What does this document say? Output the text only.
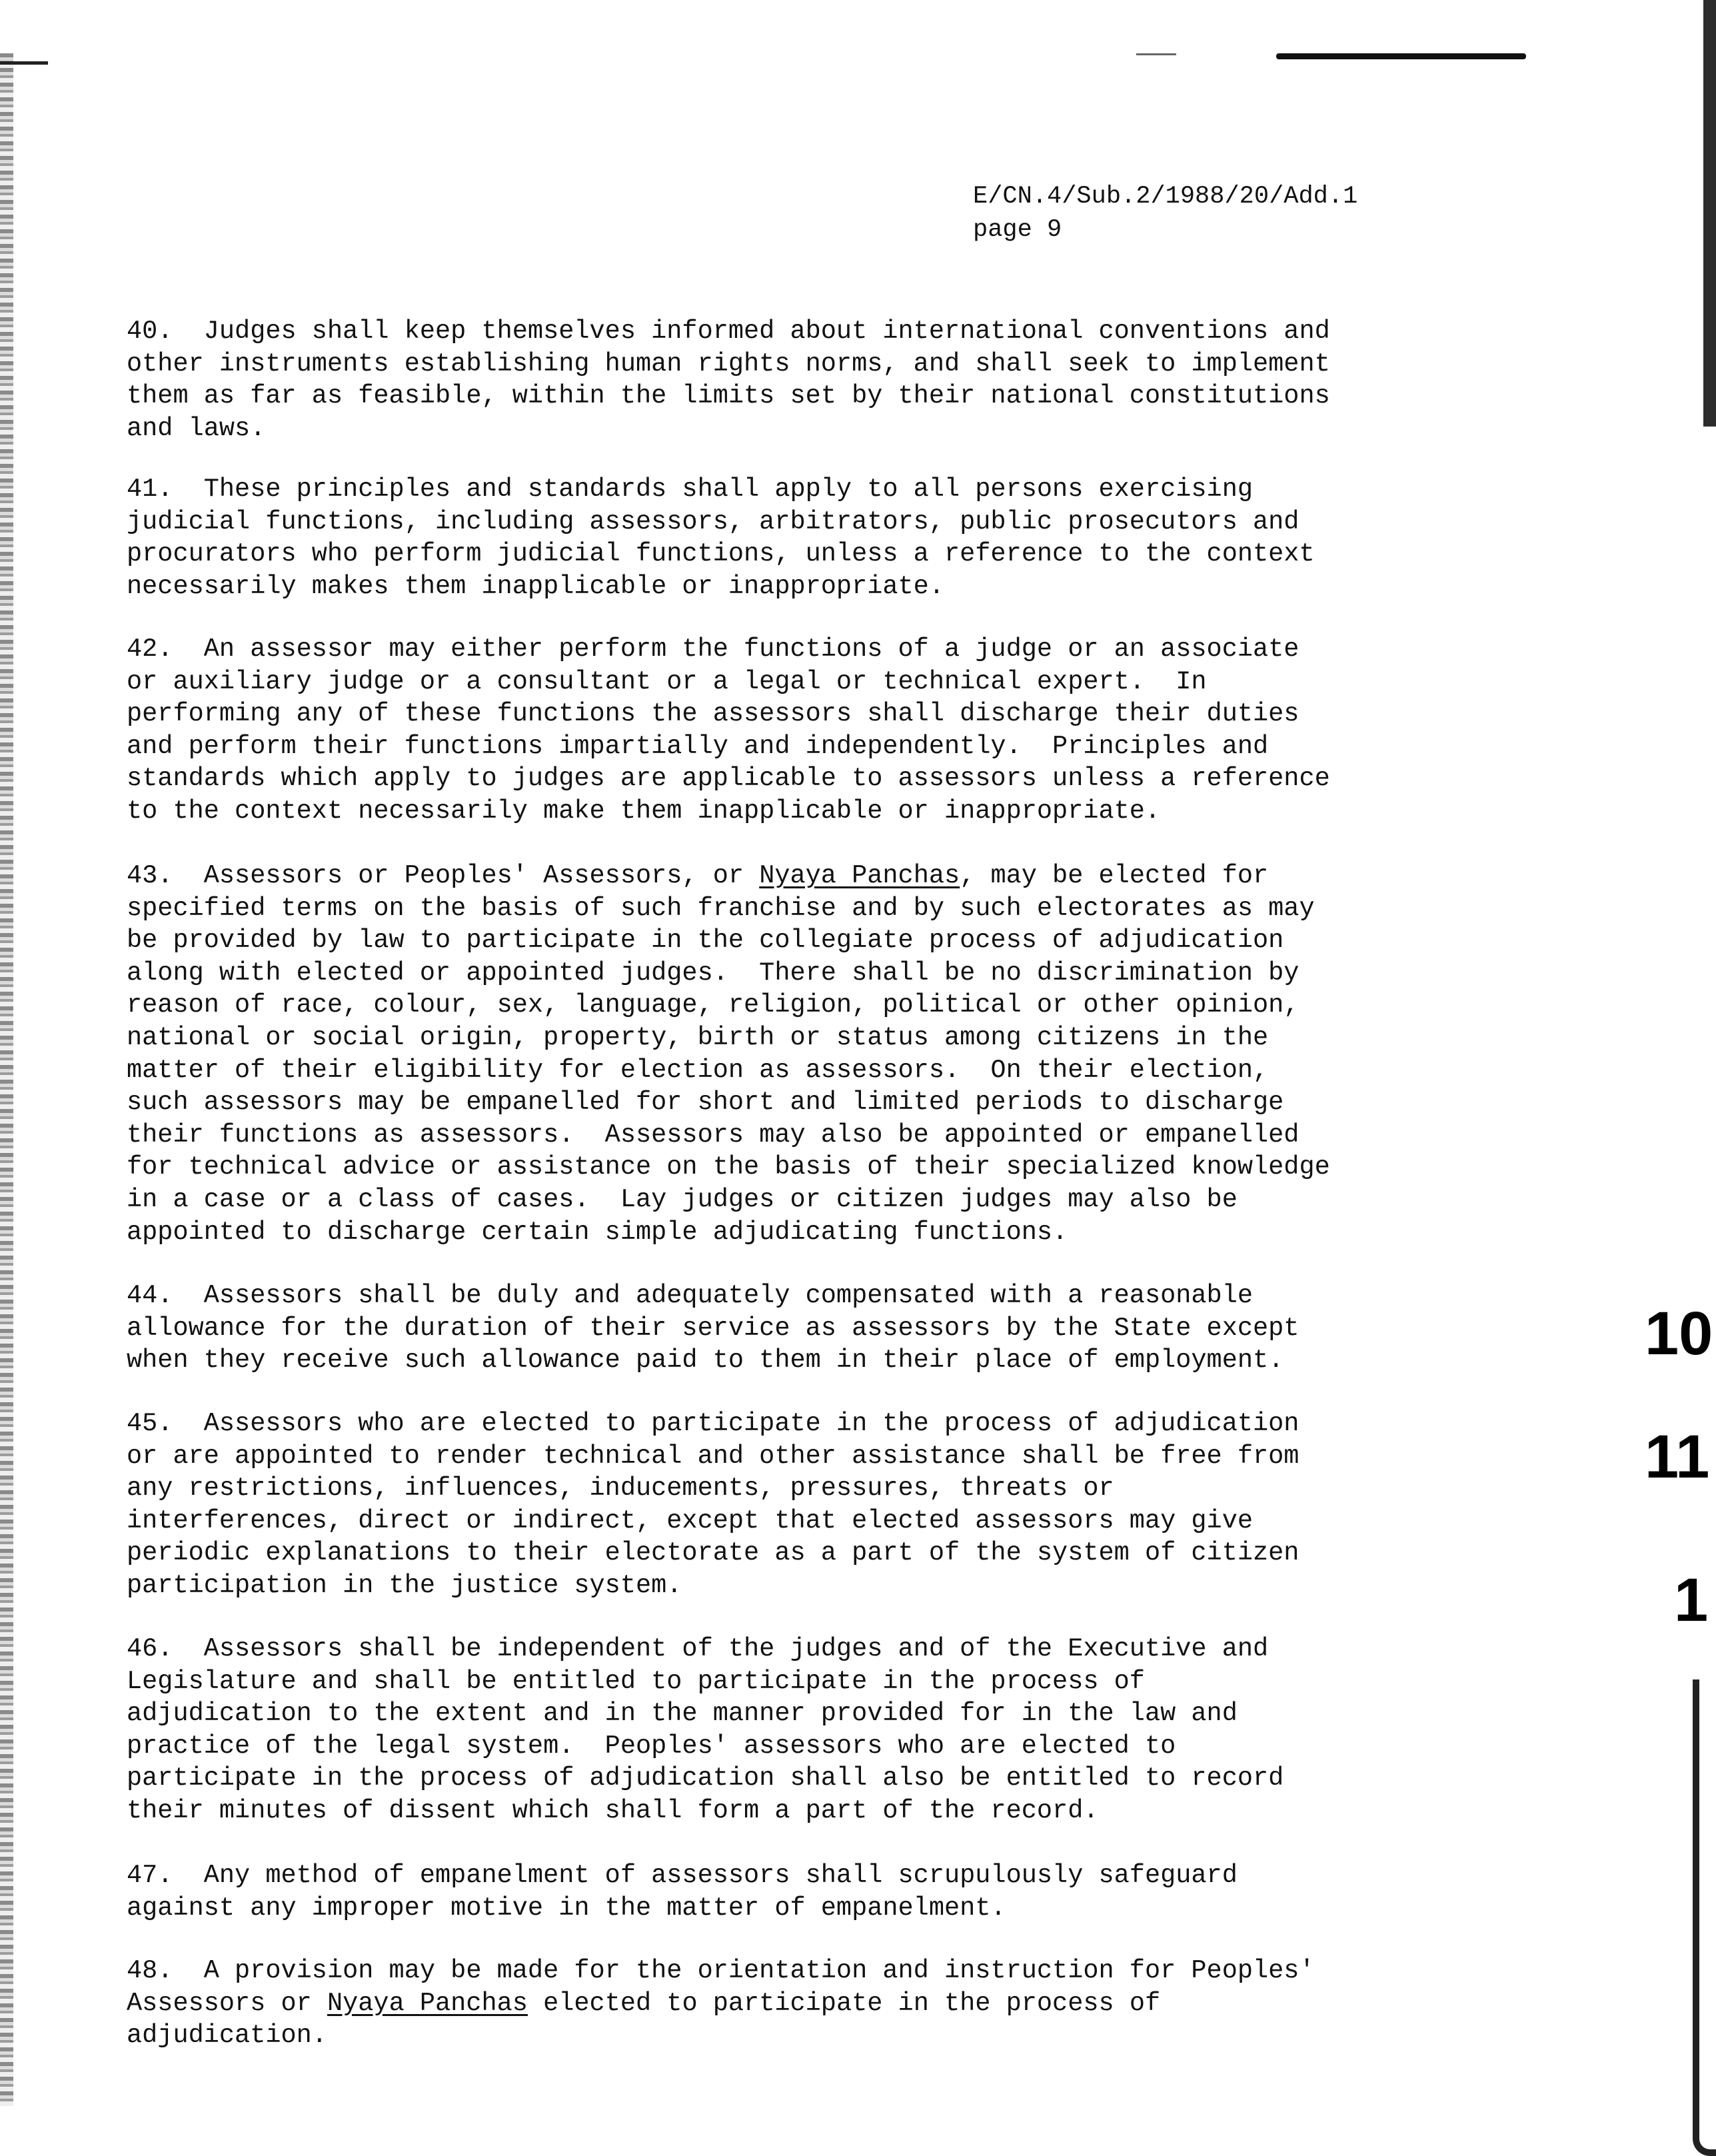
10
11
1
E/CN.4/Sub.2/1988/20/Add.1
page 9
40.  Judges shall keep themselves informed about international conventions and
other instruments establishing human rights norms, and shall seek to implement
them as far as feasible, within the limits set by their national constitutions
and laws.
41.  These principles and standards shall apply to all persons exercising
judicial functions, including assessors, arbitrators, public prosecutors and
procurators who perform judicial functions, unless a reference to the context
necessarily makes them inapplicable or inappropriate.
42.  An assessor may either perform the functions of a judge or an associate
or auxiliary judge or a consultant or a legal or technical expert.  In
performing any of these functions the assessors shall discharge their duties
and perform their functions impartially and independently.  Principles and
standards which apply to judges are applicable to assessors unless a reference
to the context necessarily make them inapplicable or inappropriate.
43.  Assessors or Peoples' Assessors, or Nyaya Panchas, may be elected for
specified terms on the basis of such franchise and by such electorates as may
be provided by law to participate in the collegiate process of adjudication
along with elected or appointed judges.  There shall be no discrimination by
reason of race, colour, sex, language, religion, political or other opinion,
national or social origin, property, birth or status among citizens in the
matter of their eligibility for election as assessors.  On their election,
such assessors may be empanelled for short and limited periods to discharge
their functions as assessors.  Assessors may also be appointed or empanelled
for technical advice or assistance on the basis of their specialized knowledge
in a case or a class of cases.  Lay judges or citizen judges may also be
appointed to discharge certain simple adjudicating functions.
44.  Assessors shall be duly and adequately compensated with a reasonable
allowance for the duration of their service as assessors by the State except
when they receive such allowance paid to them in their place of employment.
45.  Assessors who are elected to participate in the process of adjudication
or are appointed to render technical and other assistance shall be free from
any restrictions, influences, inducements, pressures, threats or
interferences, direct or indirect, except that elected assessors may give
periodic explanations to their electorate as a part of the system of citizen
participation in the justice system.
46.  Assessors shall be independent of the judges and of the Executive and
Legislature and shall be entitled to participate in the process of
adjudication to the extent and in the manner provided for in the law and
practice of the legal system.  Peoples' assessors who are elected to
participate in the process of adjudication shall also be entitled to record
their minutes of dissent which shall form a part of the record.
47.  Any method of empanelment of assessors shall scrupulously safeguard
against any improper motive in the matter of empanelment.
48.  A provision may be made for the orientation and instruction for Peoples'
Assessors or Nyaya Panchas elected to participate in the process of
adjudication.
